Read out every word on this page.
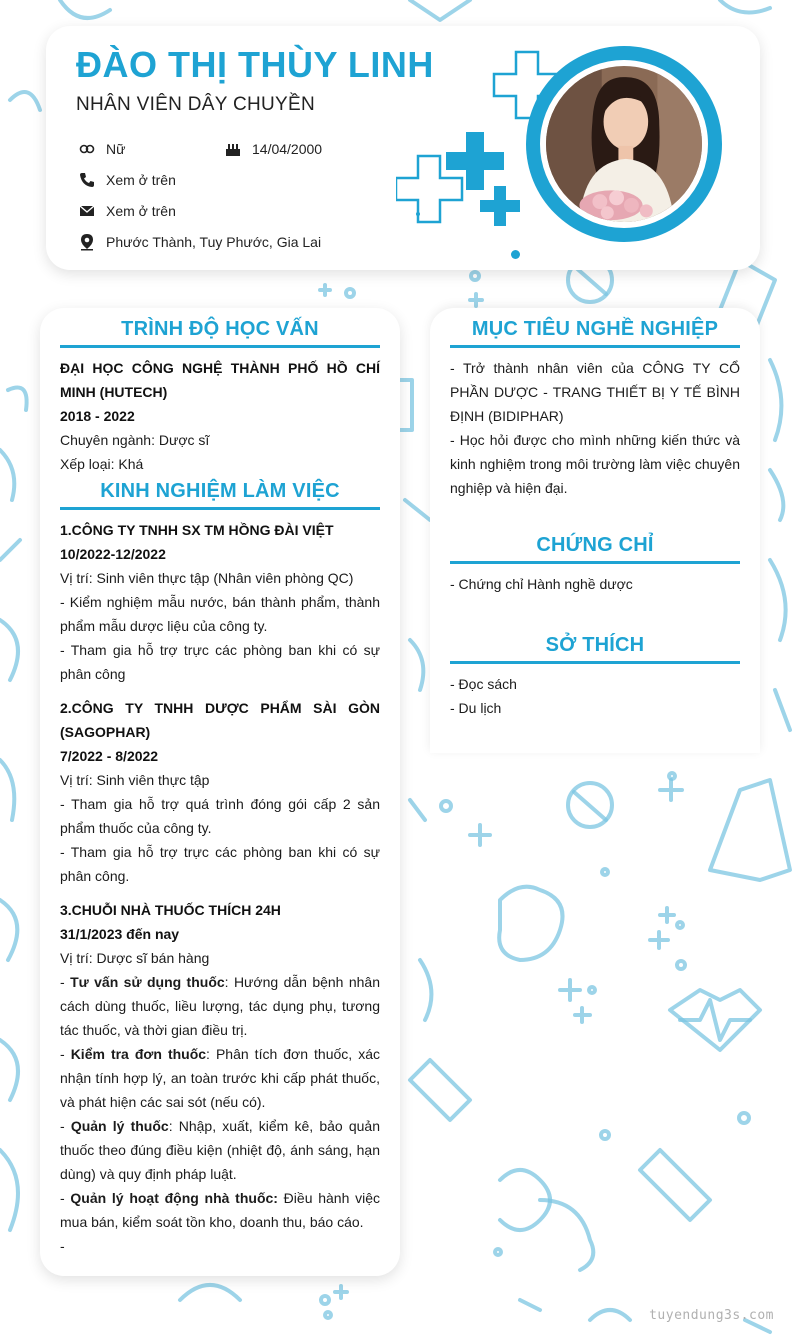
ĐÀO THỊ THÙY LINH
NHÂN VIÊN DÂY CHUYỀN
Nữ	14/04/2000
Xem ở trên
Xem ở trên
Phước Thành, Tuy Phước, Gia Lai
TRÌNH ĐỘ HỌC VẤN
ĐẠI HỌC CÔNG NGHỆ THÀNH PHỐ HỒ CHÍ MINH (HUTECH)
2018 - 2022
Chuyên ngành: Dược sĩ
Xếp loại: Khá
KINH NGHIỆM LÀM VIỆC
1.CÔNG TY TNHH SX TM HỒNG ĐÀI VIỆT
10/2022-12/2022
Vị trí: Sinh viên thực tập (Nhân viên phòng QC)
- Kiểm nghiệm mẫu nước, bán thành phẩm, thành phẩm mẫu dược liệu của công ty.
- Tham gia hỗ trợ trực các phòng ban khi có sự phân công
2.CÔNG TY TNHH DƯỢC PHẨM SÀI GÒN (SAGOPHAR)
7/2022 - 8/2022
Vị trí: Sinh viên thực tập
- Tham gia hỗ trợ quá trình đóng gói cấp 2 sản phẩm thuốc của công ty.
- Tham gia hỗ trợ trực các phòng ban khi có sự phân công.
3.CHUỖI NHÀ THUỐC THÍCH 24H
31/1/2023 đến nay
Vị trí: Dược sĩ bán hàng
- Tư vấn sử dụng thuốc: Hướng dẫn bệnh nhân cách dùng thuốc, liều lượng, tác dụng phụ, tương tác thuốc, và thời gian điều trị.
- Kiểm tra đơn thuốc: Phân tích đơn thuốc, xác nhận tính hợp lý, an toàn trước khi cấp phát thuốc, và phát hiện các sai sót (nếu có).
- Quản lý thuốc: Nhập, xuất, kiểm kê, bảo quản thuốc theo đúng điều kiện (nhiệt độ, ánh sáng, hạn dùng) và quy định pháp luật.
- Quản lý hoạt động nhà thuốc: Điều hành việc mua bán, kiểm soát tồn kho, doanh thu, báo cáo.
-
MỤC TIÊU NGHỀ NGHIỆP
- Trở thành nhân viên của CÔNG TY CỔ PHẦN DƯỢC - TRANG THIẾT BỊ Y TẾ BÌNH ĐỊNH (BIDIPHAR)
- Học hỏi được cho mình những kiến thức và kinh nghiệm trong môi trường làm việc chuyên nghiệp và hiện đại.
CHỨNG CHỈ
- Chứng chỉ Hành nghề dược
SỞ THÍCH
- Đọc sách
- Du lịch
tuyendung3s.com
